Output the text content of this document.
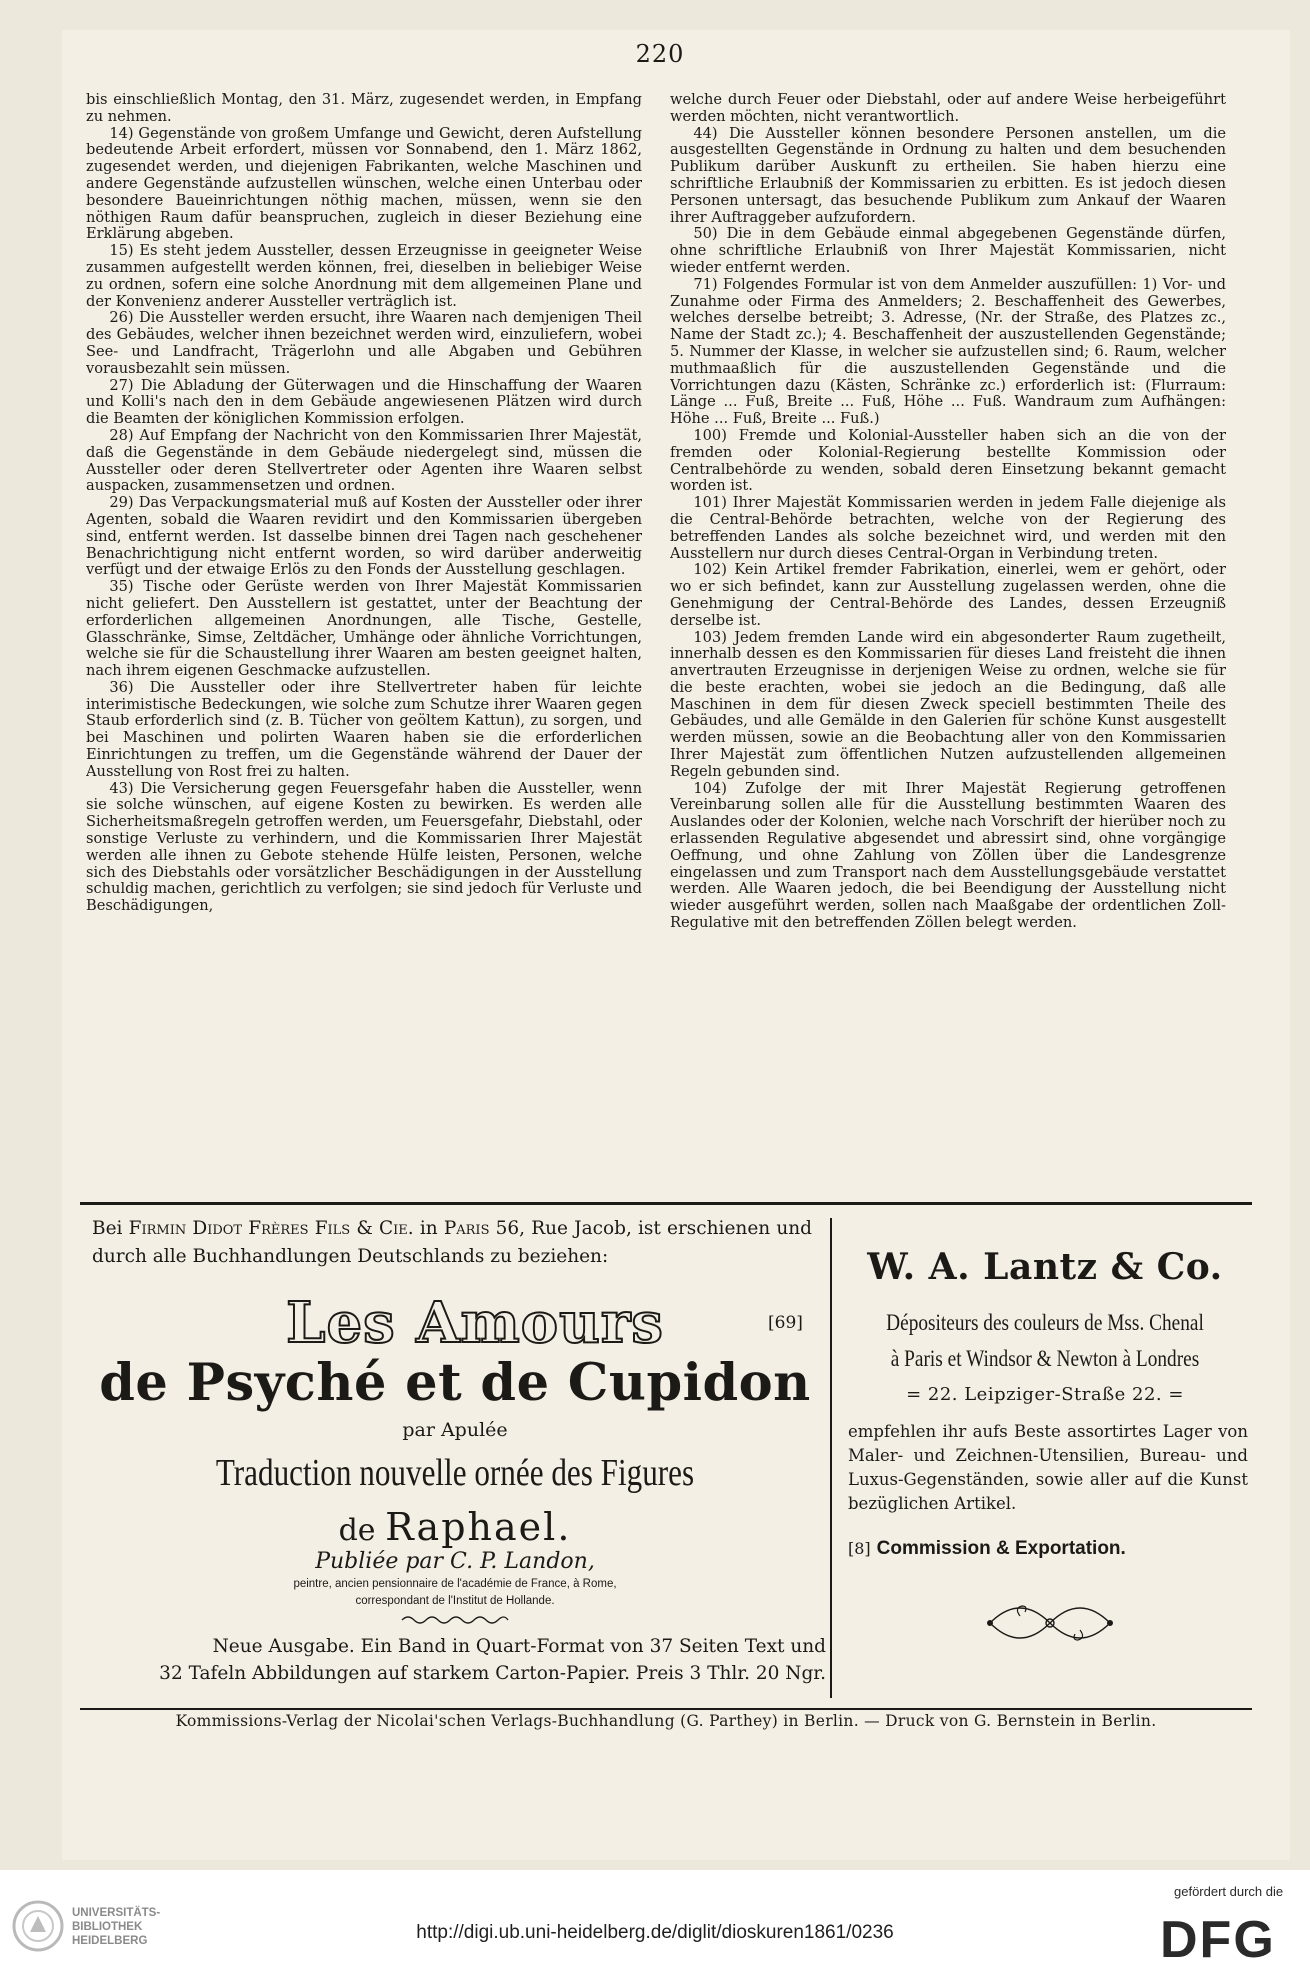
220

bis einschließlich Montag, den 31. März, zugesendet werden, in Empfang zu nehmen.

14) Gegenstände von großem Umfange und Gewicht, deren Aufstellung bedeutende Arbeit erfordert, müssen vor Sonnabend, den 1. März 1862, zugesendet werden, und diejenigen Fabrikanten, welche Maschinen und andere Gegenstände aufzustellen wünschen, welche einen Unterbau oder besondere Baueinrichtungen nöthig machen, müssen, wenn sie den nöthigen Raum dafür beanspruchen, zugleich in dieser Beziehung eine Erklärung abgeben.

15) Es steht jedem Aussteller, dessen Erzeugnisse in geeigneter Weise zusammen aufgestellt werden können, frei, dieselben in beliebiger Weise zu ordnen, sofern eine solche Anordnung mit dem allgemeinen Plane und der Konvenienz anderer Aussteller verträglich ist.

26) Die Aussteller werden ersucht, ihre Waaren nach demjenigen Theil des Gebäudes, welcher ihnen bezeichnet werden wird, einzuliefern, wobei See- und Landfracht, Trägerlohn und alle Abgaben und Gebühren vorausbezahlt sein müssen.

27) Die Abladung der Güterwagen und die Hinschaffung der Waaren und Kolli's nach den in dem Gebäude angewiesenen Plätzen wird durch die Beamten der königlichen Kommission erfolgen.

28) Auf Empfang der Nachricht von den Kommissarien Ihrer Majestät, daß die Gegenstände in dem Gebäude niedergelegt sind, müssen die Aussteller oder deren Stellvertreter oder Agenten ihre Waaren selbst auspacken, zusammensetzen und ordnen.

29) Das Verpackungsmaterial muß auf Kosten der Aussteller oder ihrer Agenten, sobald die Waaren revidirt und den Kommissarien übergeben sind, entfernt werden. Ist dasselbe binnen drei Tagen nach geschehener Benachrichtigung nicht entfernt worden, so wird darüber anderweitig verfügt und der etwaige Erlös zu den Fonds der Ausstellung geschlagen.

35) Tische oder Gerüste werden von Ihrer Majestät Kommissarien nicht geliefert. Den Ausstellern ist gestattet, unter der Beachtung der erforderlichen allgemeinen Anordnungen, alle Tische, Gestelle, Glasschränke, Simse, Zeltdächer, Umhänge oder ähnliche Vorrichtungen, welche sie für die Schaustellung ihrer Waaren am besten geeignet halten, nach ihrem eigenen Geschmacke aufzustellen.

36) Die Aussteller oder ihre Stellvertreter haben für leichte interimistische Bedeckungen, wie solche zum Schutze ihrer Waaren gegen Staub erforderlich sind (z. B. Tücher von geöltem Kattun), zu sorgen, und bei Maschinen und polirten Waaren haben sie die erforderlichen Einrichtungen zu treffen, um die Gegenstände während der Dauer der Ausstellung von Rost frei zu halten.

43) Die Versicherung gegen Feuersgefahr haben die Aussteller, wenn sie solche wünschen, auf eigene Kosten zu bewirken. Es werden alle Sicherheitsmaßregeln getroffen werden, um Feuersgefahr, Diebstahl, oder sonstige Verluste zu verhindern, und die Kommissarien Ihrer Majestät werden alle ihnen zu Gebote stehende Hülfe leisten, Personen, welche sich des Diebstahls oder vorsätzlicher Beschädigungen in der Ausstellung schuldig machen, gerichtlich zu verfolgen; sie sind jedoch für Verluste und Beschädigungen,

welche durch Feuer oder Diebstahl, oder auf andere Weise herbeigeführt werden möchten, nicht verantwortlich.

44) Die Aussteller können besondere Personen anstellen, um die ausgestellten Gegenstände in Ordnung zu halten und dem besuchenden Publikum darüber Auskunft zu ertheilen. Sie haben hierzu eine schriftliche Erlaubniß der Kommissarien zu erbitten. Es ist jedoch diesen Personen untersagt, das besuchende Publikum zum Ankauf der Waaren ihrer Auftraggeber aufzufordern.

50) Die in dem Gebäude einmal abgegebenen Gegenstände dürfen, ohne schriftliche Erlaubniß von Ihrer Majestät Kommissarien, nicht wieder entfernt werden.

71) Folgendes Formular ist von dem Anmelder auszufüllen: 1) Vor- und Zunahme oder Firma des Anmelders; 2. Beschaffenheit des Gewerbes, welches derselbe betreibt; 3. Adresse, (Nr. der Straße, des Platzes zc., Name der Stadt zc.); 4. Beschaffenheit der auszustellenden Gegenstände; 5. Nummer der Klasse, in welcher sie aufzustellen sind; 6. Raum, welcher muthmaaßlich für die auszustellenden Gegenstände und die Vorrichtungen dazu (Kästen, Schränke zc.) erforderlich ist: (Flurraum: Länge ... Fuß, Breite ... Fuß, Höhe ... Fuß. Wandraum zum Aufhängen: Höhe ... Fuß, Breite ... Fuß.)

100) Fremde und Kolonial-Aussteller haben sich an die von der fremden oder Kolonial-Regierung bestellte Kommission oder Centralbehörde zu wenden, sobald deren Einsetzung bekannt gemacht worden ist.

101) Ihrer Majestät Kommissarien werden in jedem Falle diejenige als die Central-Behörde betrachten, welche von der Regierung des betreffenden Landes als solche bezeichnet wird, und werden mit den Ausstellern nur durch dieses Central-Organ in Verbindung treten.

102) Kein Artikel fremder Fabrikation, einerlei, wem er gehört, oder wo er sich befindet, kann zur Ausstellung zugelassen werden, ohne die Genehmigung der Central-Behörde des Landes, dessen Erzeugniß derselbe ist.

103) Jedem fremden Lande wird ein abgesonderter Raum zugetheilt, innerhalb dessen es den Kommissarien für dieses Land freisteht die ihnen anvertrauten Erzeugnisse in derjenigen Weise zu ordnen, welche sie für die beste erachten, wobei sie jedoch an die Bedingung, daß alle Maschinen in dem für diesen Zweck speciell bestimmten Theile des Gebäudes, und alle Gemälde in den Galerien für schöne Kunst ausgestellt werden müssen, sowie an die Beobachtung aller von den Kommissarien Ihrer Majestät zum öffentlichen Nutzen aufzustellenden allgemeinen Regeln gebunden sind.

104) Zufolge der mit Ihrer Majestät Regierung getroffenen Vereinbarung sollen alle für die Ausstellung bestimmten Waaren des Auslandes oder der Kolonien, welche nach Vorschrift der hierüber noch zu erlassenden Regulative abgesendet und abressirt sind, ohne vorgängige Oeffnung, und ohne Zahlung von Zöllen über die Landesgrenze eingelassen und zum Transport nach dem Ausstellungsgebäude verstattet werden. Alle Waaren jedoch, die bei Beendigung der Ausstellung nicht wieder ausgeführt werden, sollen nach Maaßgabe der ordentlichen Zoll-Regulative mit den betreffenden Zöllen belegt werden.

Bei Firmin Didot Frères Fils & Cie. in Paris 56, Rue Jacob, ist erschienen und durch alle Buchhandlungen Deutschlands zu beziehen:
Les Amours	[69]
de Psyché et de Cupidon
par Apulée
Traduction nouvelle ornée des Figures
de Raphael.
Publiée par C. P. Landon,
peintre, ancien pensionnaire de l'académie de France, à Rome,
correspondant de l'Institut de Hollande.
Neue Ausgabe. Ein Band in Quart-Format von 37 Seiten Text und
32 Tafeln Abbildungen auf starkem Carton-Papier. Preis 3 Thlr. 20 Ngr.
W. A. Lantz & Co.
Dépositeurs des couleurs de Mss. Chenal
à Paris et Windsor & Newton à Londres
= 22. Leipziger-Straße 22. =
empfehlen ihr aufs Beste assortirtes Lager von Maler- und Zeichnen-Utensilien, Bureau- und Luxus-Gegenständen, sowie aller auf die Kunst bezüglichen Artikel.
[8] Commission & Exportation.
Kommissions-Verlag der Nicolai'schen Verlags-Buchhandlung (G. Parthey) in Berlin. — Druck von G. Bernstein in Berlin.
UNIVERSITÄTS-
BIBLIOTHEK
HEIDELBERG	http://digi.ub.uni-heidelberg.de/diglit/dioskuren1861/0236
gefördert durch die
DFG
